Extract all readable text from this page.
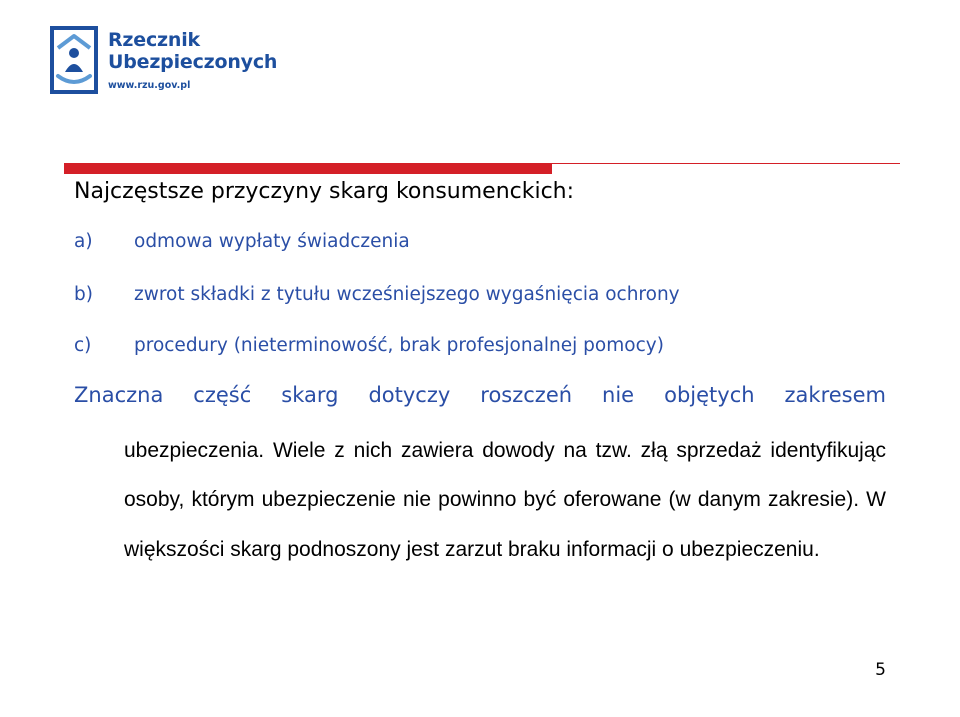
Rzecznik
Ubezpieczonych
www.rzu.gov.pl
Najczęstsze przyczyny skarg konsumenckich:
a) odmowa wypłaty świadczenia
b) zwrot składki z tytułu wcześniejszego wygaśnięcia ochrony
c) procedury (nieterminowość, brak profesjonalnej pomocy)
Znaczna część skarg dotyczy roszczeń nie objętych zakresem
ubezpieczenia. Wiele z nich zawiera dowody na tzw. złą sprzedaż identyfikując osoby, którym ubezpieczenie nie powinno być oferowane (w danym zakresie). W większości skarg podnoszony jest zarzut braku informacji o ubezpieczeniu.
5
